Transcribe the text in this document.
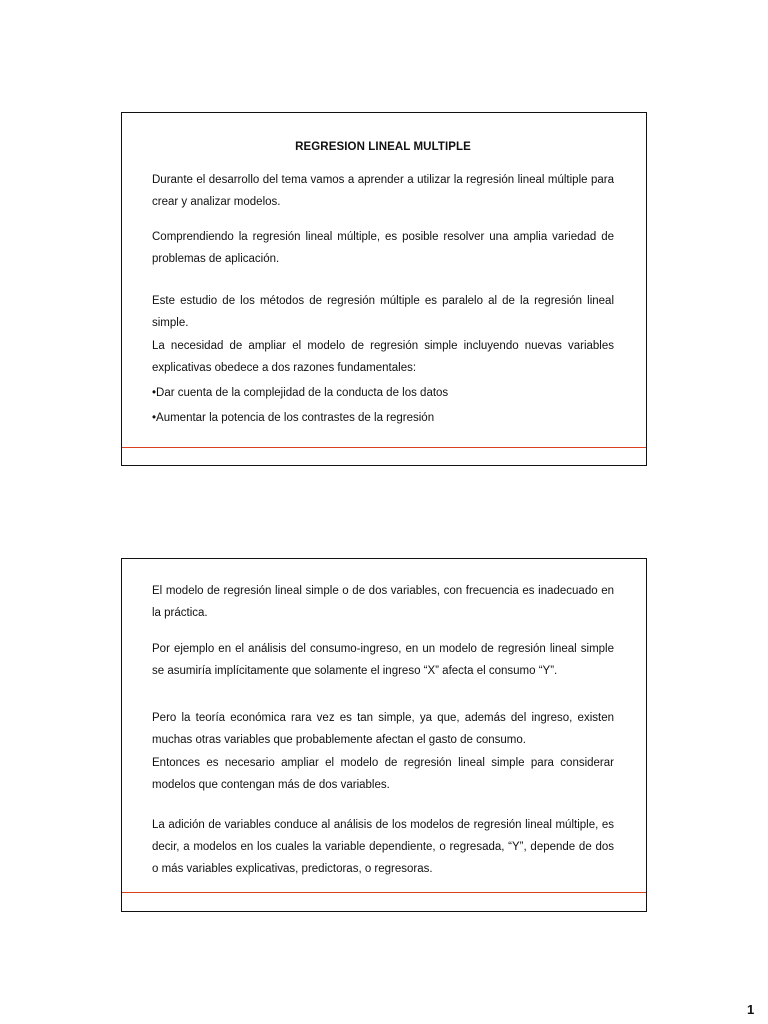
REGRESION LINEAL MULTIPLE

Durante el desarrollo del tema vamos a aprender a utilizar la regresión lineal múltiple para crear y analizar modelos.

Comprendiendo la regresión lineal múltiple, es posible resolver una amplia variedad de problemas de aplicación.

Este estudio de los métodos de regresión múltiple es paralelo al de la regresión lineal simple.

La necesidad de ampliar el modelo de regresión simple incluyendo nuevas variables explicativas obedece a dos razones fundamentales:

•Dar cuenta de la complejidad de la conducta de los datos

•Aumentar la potencia de los contrastes de la regresión

El modelo de regresión lineal simple o de dos variables, con frecuencia es inadecuado en la práctica.

Por ejemplo en el análisis del consumo-ingreso, en un modelo de regresión lineal simple se asumiría implícitamente que solamente el ingreso “X” afecta el consumo “Y”.

Pero la teoría económica rara vez es tan simple, ya que, además del ingreso, existen muchas otras variables que probablemente afectan el gasto de consumo.

Entonces es necesario ampliar el modelo de regresión lineal simple para considerar modelos que contengan más de dos variables.

La adición de variables conduce al análisis de los modelos de regresión lineal múltiple, es decir, a modelos en los cuales la variable dependiente, o regresada, “Y”, depende de dos o más variables explicativas, predictoras, o regresoras.

1
